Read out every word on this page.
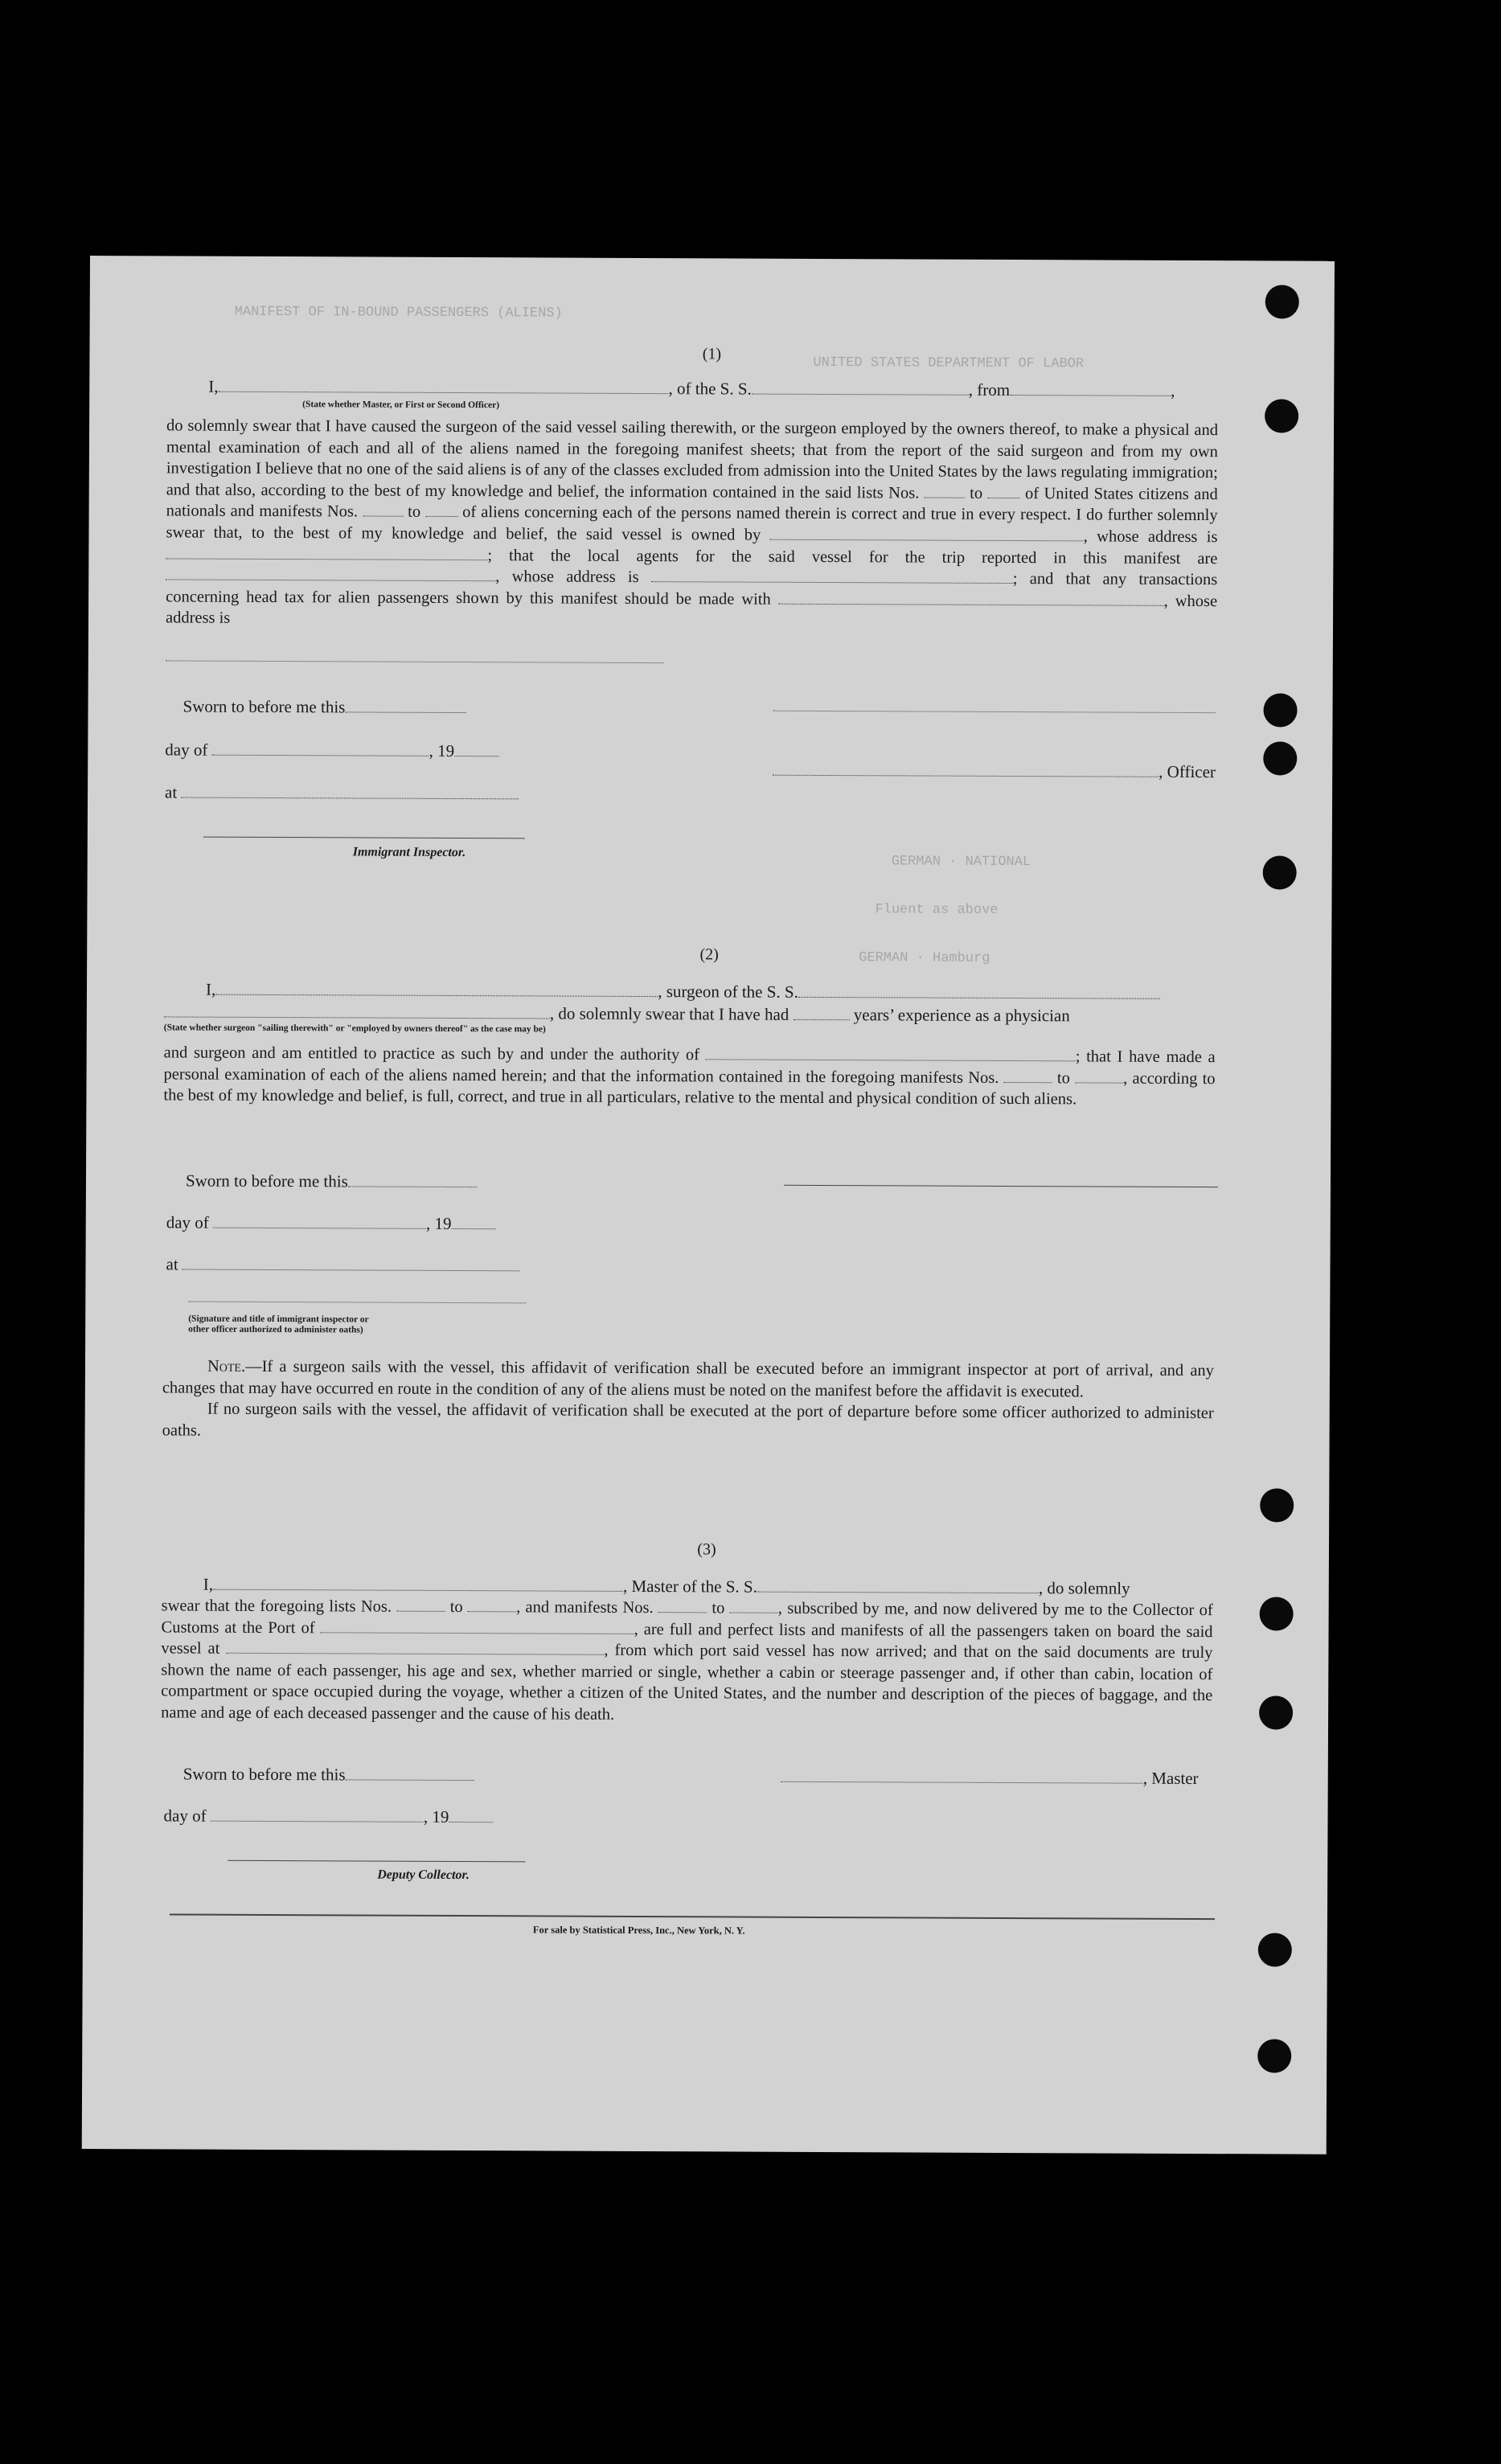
MANIFEST OF IN-BOUND PASSENGERS (ALIENS)
UNITED STATES DEPARTMENT OF LABOR
GERMAN · NATIONAL
Fluent as above
GERMAN · Hamburg
(1)
I,	, of the S. S.	, from	,
(State whether Master, or First or Second Officer)
do solemnly swear that I have caused the surgeon of the said vessel sailing therewith, or the surgeon employed by the owners thereof, to make a physical and mental examination of each and all of the aliens named in the foregoing manifest sheets; that from the report of the said surgeon and from my own investigation I believe that no one of the said aliens is of any of the classes excluded from admission into the United States by the laws regulating immigration; and that also, according to the best of my knowledge and belief, the information contained in the said lists Nos.	to	of United States citizens and nationals and manifests Nos.	to	of aliens concerning each of the persons named therein is correct and true in every respect. I do further solemnly swear that, to the best of my knowledge and belief, the said vessel is owned by	, whose address is ; that the local agents for the said vessel for the trip reported in this manifest are , whose address is	; and that any transactions concerning head tax for alien passengers shown by this manifest should be made with	, whose address is
Sworn to before me this
day of	, 19
at
Immigrant Inspector.
, Officer
(2)
I,	, surgeon of the S. S.
, do solemnly swear that I have had	years’ experience as a physician
(State whether surgeon "sailing therewith" or "employed by owners thereof" as the case may be)
and surgeon and am entitled to practice as such by and under the authority of	; that I have made a personal examination of each of the aliens named herein; and that the information contained in the foregoing manifests Nos.	to	, according to the best of my knowledge and belief, is full, correct, and true in all particulars, relative to the mental and physical condition of such aliens.
Sworn to before me this
day of	, 19
at
(Signature and title of immigrant inspector or
other officer authorized to administer oaths)
Note.—If a surgeon sails with the vessel, this affidavit of verification shall be executed before an immigrant inspector at port of arrival, and any changes that may have occurred en route in the condition of any of the aliens must be noted on the manifest before the affidavit is executed.
If no surgeon sails with the vessel, the affidavit of verification shall be executed at the port of departure before some officer authorized to administer oaths.
(3)
I,	, Master of the S. S.	, do solemnly
swear that the foregoing lists Nos.	to	, and manifests Nos.	to	, subscribed by me, and now delivered by me to the Collector of Customs at the Port of	, are full and perfect lists and manifests of all the passengers taken on board the said vessel at	, from which port said vessel has now arrived; and that on the said documents are truly shown the name of each passenger, his age and sex, whether married or single, whether a cabin or steerage passenger and, if other than cabin, location of compartment or space occupied during the voyage, whether a citizen of the United States, and the number and description of the pieces of baggage, and the name and age of each deceased passenger and the cause of his death.
Sworn to before me this	, Master
day of	, 19
Deputy Collector.
For sale by Statistical Press, Inc., New York, N. Y.
